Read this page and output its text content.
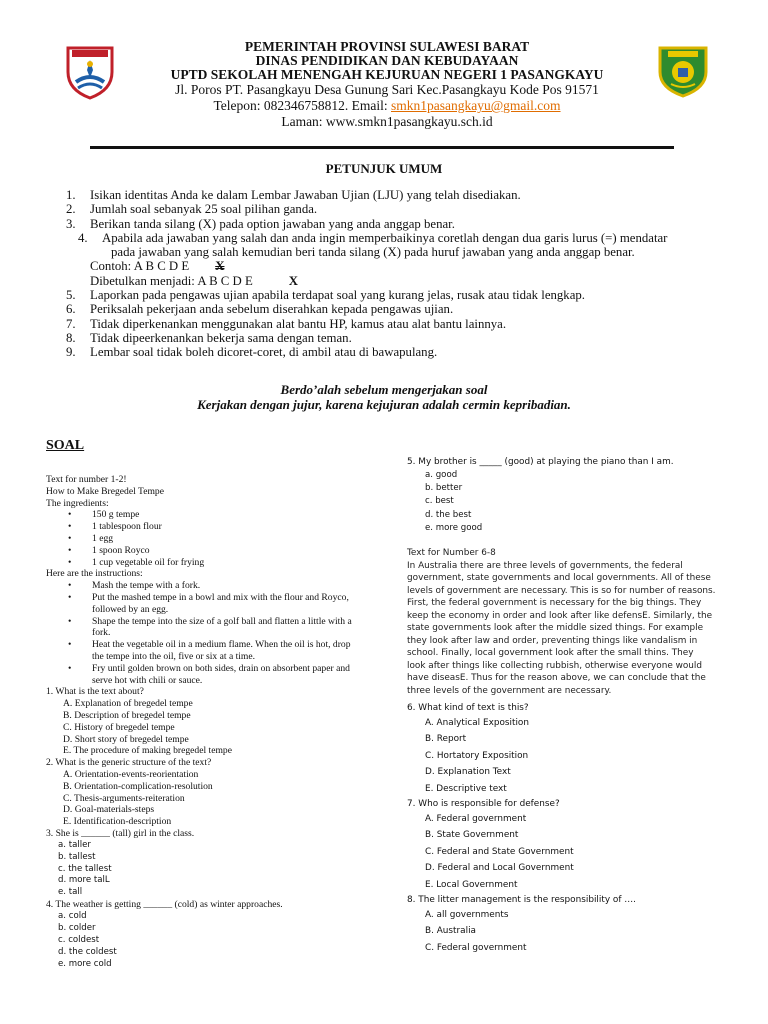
PEMERINTAH PROVINSI SULAWESI BARAT
DINAS PENDIDIKAN DAN KEBUDAYAAN
UPTD SEKOLAH MENENGAH KEJURUAN NEGERI 1 PASANGKAYU
Jl. Poros PT. Pasangkayu Desa Gunung Sari Kec.Pasangkayu Kode Pos 91571
Telepon: 082346758812. Email: smkn1pasangkayu@gmail.com
Laman: www.smkn1pasangkayu.sch.id
PETUNJUK UMUM
1. Isikan identitas Anda ke dalam Lembar Jawaban Ujian (LJU) yang telah disediakan.
2. Jumlah soal sebanyak 25 soal pilihan ganda.
3. Berikan tanda silang (X) pada option jawaban yang anda anggap benar.
4. Apabila ada jawaban yang salah dan anda ingin memperbaikinya coretlah dengan dua garis lurus (=) mendatar
pada jawaban yang salah kemudian beri tanda silang (X) pada huruf jawaban yang anda anggap benar.
Contoh: A B C D E X
Dibetulkan menjadi: A B C D E	X
5. Laporkan pada pengawas ujian apabila terdapat soal yang kurang jelas, rusak atau tidak lengkap.
6. Periksalah pekerjaan anda sebelum diserahkan kepada pengawas ujian.
7. Tidak diperkenankan menggunakan alat bantu HP, kamus atau alat bantu lainnya.
8. Tidak dipeerkenankan bekerja sama dengan teman.
9. Lembar soal tidak boleh dicoret-coret, di ambil atau di bawapulang.
Berdo’alah sebelum mengerjakan soal
Kerjakan dengan jujur, karena kejujuran adalah cermin kepribadian.
SOAL
Text for number 1-2!
How to Make Bregedel Tempe
The ingredients:
• 150 g tempe
• 1 tablespoon flour
• 1 egg
• 1 spoon Royco
• 1 cup vegetable oil for frying
Here are the instructions:
• Mash the tempe with a fork.
• Put the mashed tempe in a bowl and mix with the flour and Royco, followed by an egg.
• Shape the tempe into the size of a golf ball and flatten a little with a fork.
• Heat the vegetable oil in a medium flame. When the oil is hot, drop the tempe into the oil, five or six at a time.
• Fry until golden brown on both sides, drain on absorbent paper and serve hot with chili or sauce.
1. What is the text about?
A. Explanation of bregedel tempe
B. Description of bregedel tempe
C. History of bregedel tempe
D. Short story of bregedel tempe
E. The procedure of making bregedel tempe
2. What is the generic structure of the text?
A. Orientation-events-reorientation
B. Orientation-complication-resolution
C. Thesis-arguments-reiteration
D. Goal-materials-steps
E. Identification-description
3. She is ______ (tall) girl in the class.
a. taller
b. tallest
c. the tallest
d. more talL
e. tall
4. The weather is getting ______ (cold) as winter approaches.
a. cold
b. colder
c. coldest
d. the coldest
e. more cold
5. My brother is _____ (good) at playing the piano than I am.
a. good
b. better
c. best
d. the best
e. more good
Text for Number 6-8
In Australia there are three levels of governments, the federal
government, state governments and local governments. All of these
levels of government are necessary. This is so for number of reasons.
First, the federal government is necessary for the big things. They
keep the economy in order and look after like defensE. Similarly, the
state governments look after the middle sized things. For example
they look after law and order, preventing things like vandalism in
school. Finally, local government look after the small thins. They
look after things like collecting rubbish, otherwise everyone would
have diseasE. Thus for the reason above, we can conclude that the
three levels of the government are necessary.
6. What kind of text is this?
A. Analytical Exposition
B. Report
C. Hortatory Exposition
D. Explanation Text
E. Descriptive text
7. Who is responsible for defense?
A. Federal government
B. State Government
C. Federal and State Government
D. Federal and Local Government
E. Local Government
8. The litter management is the responsibility of ….
A. all governments
B. Australia
C. Federal government
